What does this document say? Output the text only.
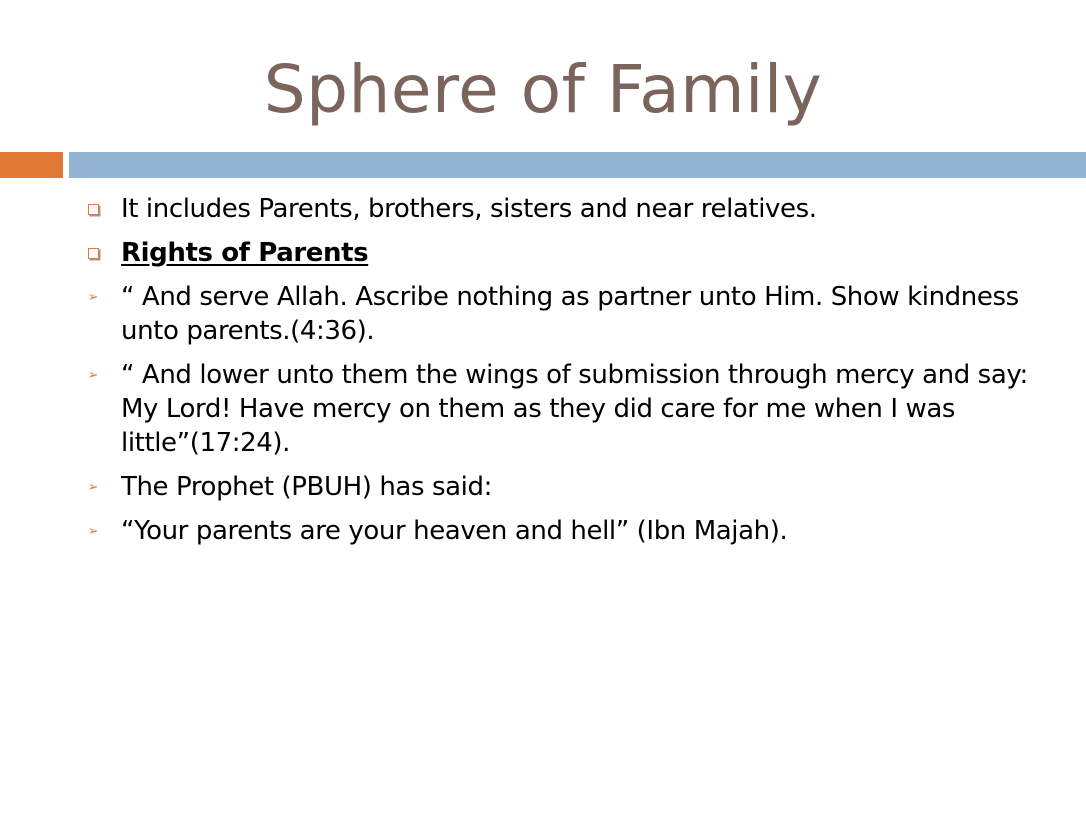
Sphere of Family
It includes Parents, brothers, sisters and near relatives.
Rights of Parents
➢ “ And serve Allah. Ascribe nothing as partner unto Him. Show kindness unto parents.(4:36).
➢ “ And lower unto them the wings of submission through mercy and say: My Lord! Have mercy on them as they did care for me when I was little”(17:24).
➢ The Prophet (PBUH) has said:
➢ “Your parents are your heaven and hell” (Ibn Majah).
